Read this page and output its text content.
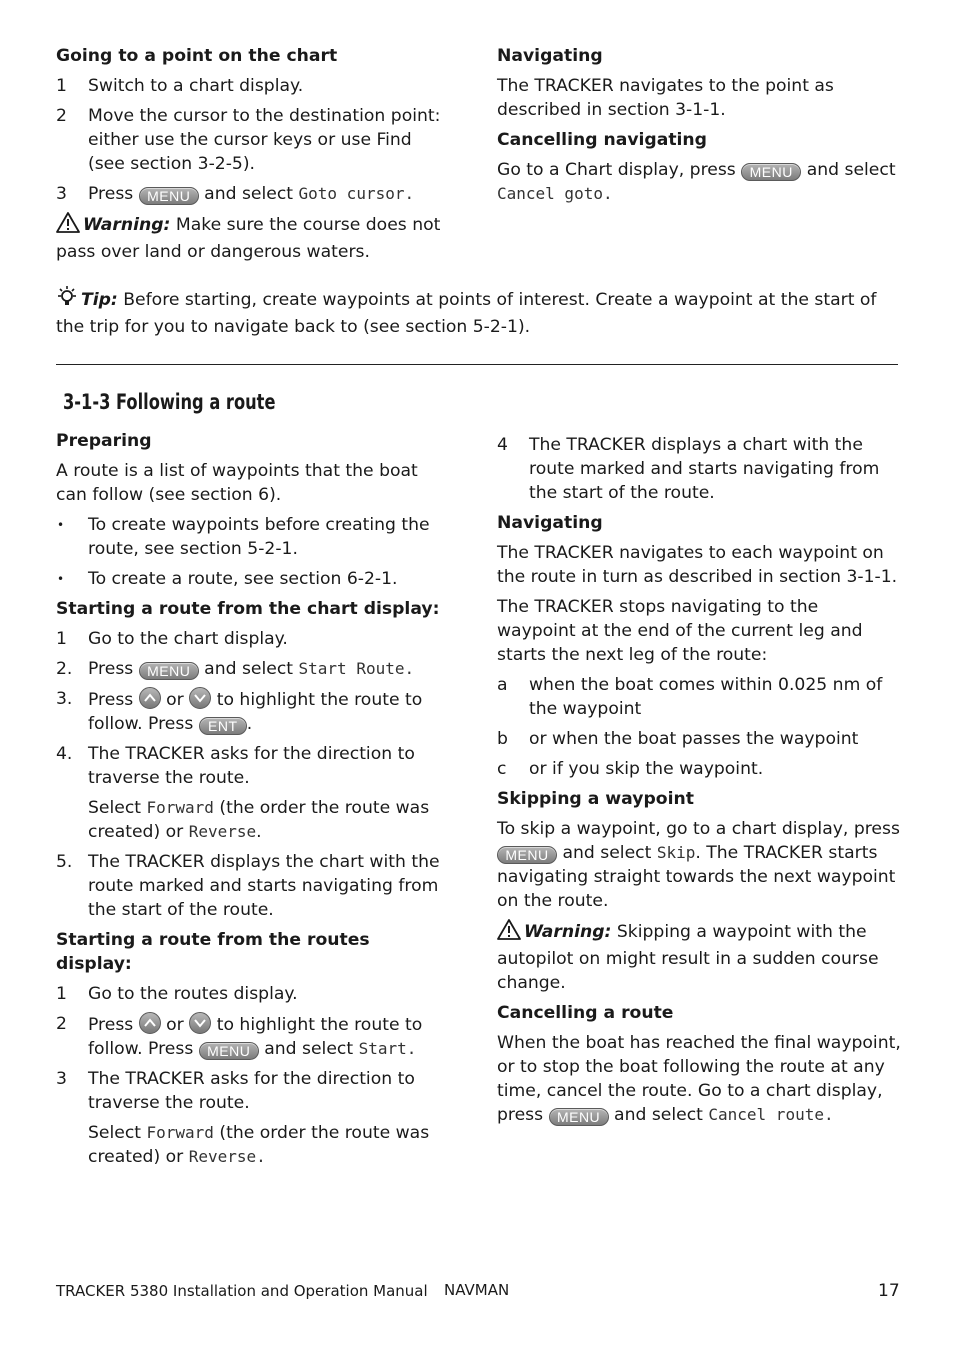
Going to a point on the chart
1 Switch to a chart display.
2 Move the cursor to the destination point: either use the cursor keys or use Find (see section 3-2-5).
3 Press MENU and select Goto cursor.

Warning: Make sure the course does not pass over land or dangerous waters.

Navigating

The TRACKER navigates to the point as described in section 3-1-1.

Cancelling navigating

Go to a Chart display, press MENU and select Cancel goto.

Tip: Before starting, create waypoints at points of interest. Create a waypoint at the start of the trip for you to navigate back to (see section 5-2-1).

3-1-3 Following a route
Preparing

A route is a list of waypoints that the boat can follow (see section 6).

• To create waypoints before creating the route, see section 5-2-1.
• To create a route, see section 6-2-1.
Starting a route from the chart display:
1 Go to the chart display.
2. Press MENU and select Start Route.
3. Press or to highlight the route to follow. Press ENT .
4. The TRACKER asks for the direction to traverse the route.
Select Forward (the order the route was created) or Reverse.
5. The TRACKER displays the chart with the route marked and starts navigating from the start of the route.
Starting a route from the routes display:
1 Go to the routes display.
2 Press or to highlight the route to follow. Press MENU and select Start.
3 The TRACKER asks for the direction to traverse the route.
Select Forward (the order the route was created) or Reverse.
4 The TRACKER displays a chart with the route marked and starts navigating from the start of the route.
Navigating

The TRACKER navigates to each waypoint on the route in turn as described in section 3-1-1.

The TRACKER stops navigating to the waypoint at the end of the current leg and starts the next leg of the route:

a when the boat comes within 0.025 nm of the waypoint
b or when the boat passes the waypoint
c or if you skip the waypoint.
Skipping a waypoint

To skip a waypoint, go to a chart display, press MENU and select Skip. The TRACKER starts navigating straight towards the next waypoint on the route.

Warning: Skipping a waypoint with the autopilot on might result in a sudden course change.

Cancelling a route

When the boat has reached the final waypoint, or to stop the boat following the route at any time, cancel the route. Go to a chart display, press MENU and select Cancel route.

TRACKER 5380 Installation and Operation Manual NAVMAN	17
